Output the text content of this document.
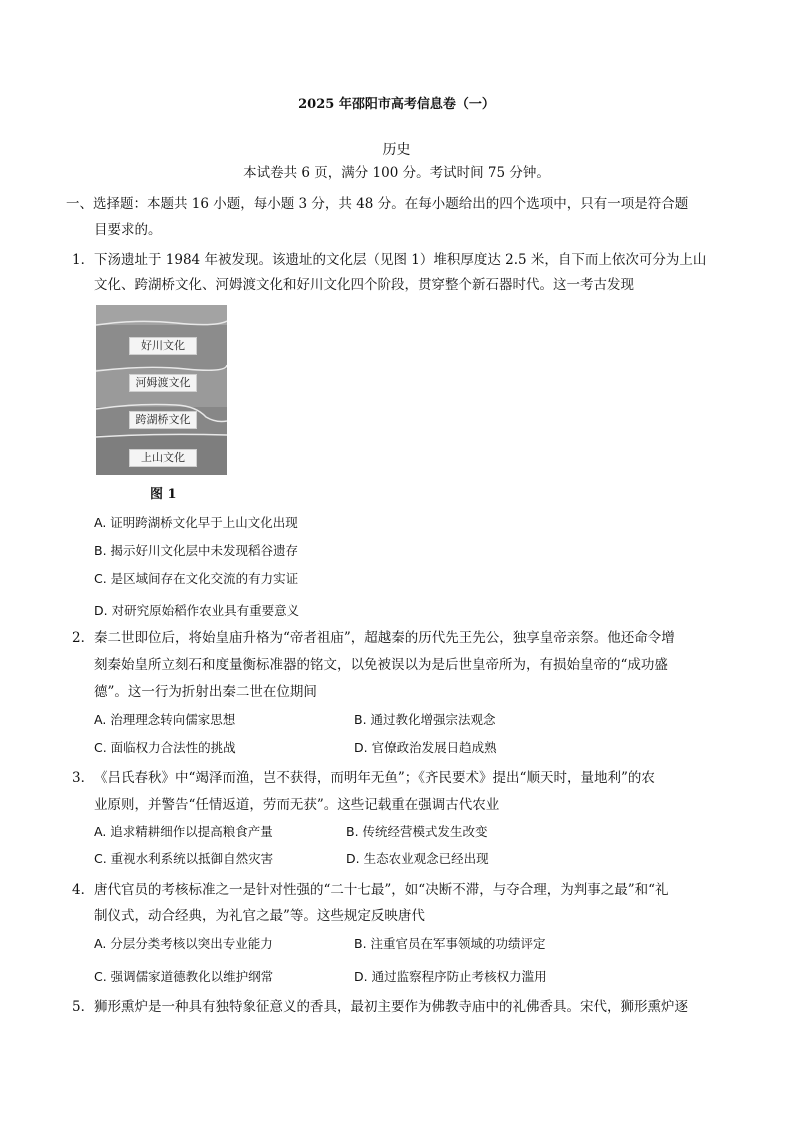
2025 年邵阳市高考信息卷（一）
历史
本试卷共 6 页，满分 100 分。考试时间 75 分钟。
一、选择题：本题共 16 小题，每小题 3 分，共 48 分。在每小题给出的四个选项中，只有一项是符合题
目要求的。
1． 下汤遗址于 1984 年被发现。该遗址的文化层（见图 1）堆积厚度达 2.5 米，自下而上依次可分为上山
文化、跨湖桥文化、河姆渡文化和好川文化四个阶段，贯穿整个新石器时代。这一考古发现
好川文化
河姆渡文化
跨湖桥文化
上山文化
图 1
A. 证明跨湖桥文化早于上山文化出现
B. 揭示好川文化层中未发现稻谷遗存
C. 是区域间存在文化交流的有力实证
D. 对研究原始稻作农业具有重要意义
2． 秦二世即位后，将始皇庙升格为“帝者祖庙”，超越秦的历代先王先公，独享皇帝亲祭。他还命令增
刻秦始皇所立刻石和度量衡标准器的铭文，以免被误以为是后世皇帝所为，有损始皇帝的“成功盛
德”。这一行为折射出秦二世在位期间
A. 治理理念转向儒家思想	B. 通过教化增强宗法观念
C. 面临权力合法性的挑战	D. 官僚政治发展日趋成熟
3． 《吕氏春秋》中“竭泽而渔，岂不获得，而明年无鱼”；《齐民要术》提出“顺天时，量地利”的农
业原则，并警告“任情返道，劳而无获”。这些记载重在强调古代农业
A. 追求精耕细作以提高粮食产量	B. 传统经营模式发生改变
C. 重视水利系统以抵御自然灾害	D. 生态农业观念已经出现
4． 唐代官员的考核标准之一是针对性强的“二十七最”，如“决断不滞，与夺合理，为判事之最”和“礼
制仪式，动合经典，为礼官之最”等。这些规定反映唐代
A. 分层分类考核以突出专业能力	B. 注重官员在军事领域的功绩评定
C. 强调儒家道德教化以维护纲常	D. 通过监察程序防止考核权力滥用
5． 狮形熏炉是一种具有独特象征意义的香具，最初主要作为佛教寺庙中的礼佛香具。宋代，狮形熏炉逐
